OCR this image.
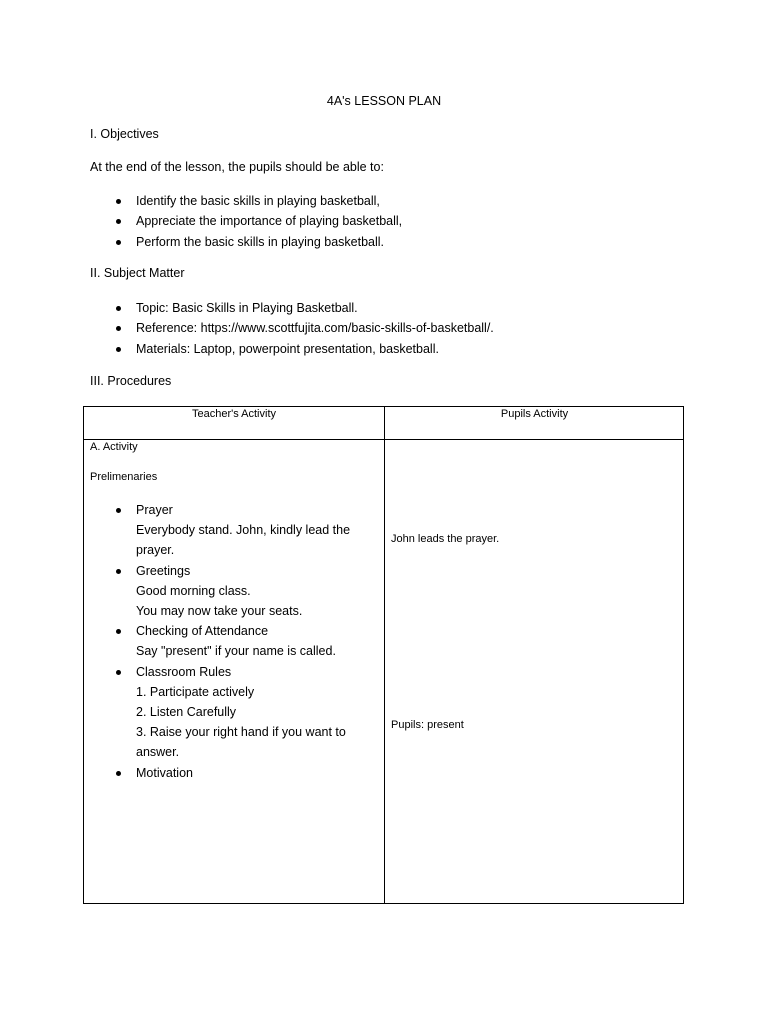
4A's LESSON PLAN

I. Objectives

At the end of the lesson, the pupils should be able to:

Identify the basic skills in playing basketball,
Appreciate the importance of playing basketball,
Perform the basic skills in playing basketball.

II. Subject Matter

Topic: Basic Skills in Playing Basketball.
Reference: https://www.scottfujita.com/basic-skills-of-basketball/.
Materials: Laptop, powerpoint presentation, basketball.

III. Procedures

Teacher's Activity	Pupils Activity

A. Activity

Prelimenaries

Prayer
Everybody stand. John, kindly lead the prayer.
Greetings
Good morning class.
You may now take your seats.
Checking of Attendance
Say "present" if your name is called.
Classroom Rules
1. Participate actively
2. Listen Carefully
3. Raise your right hand if you want to answer.
Motivation

John leads the prayer.

Pupils: present
